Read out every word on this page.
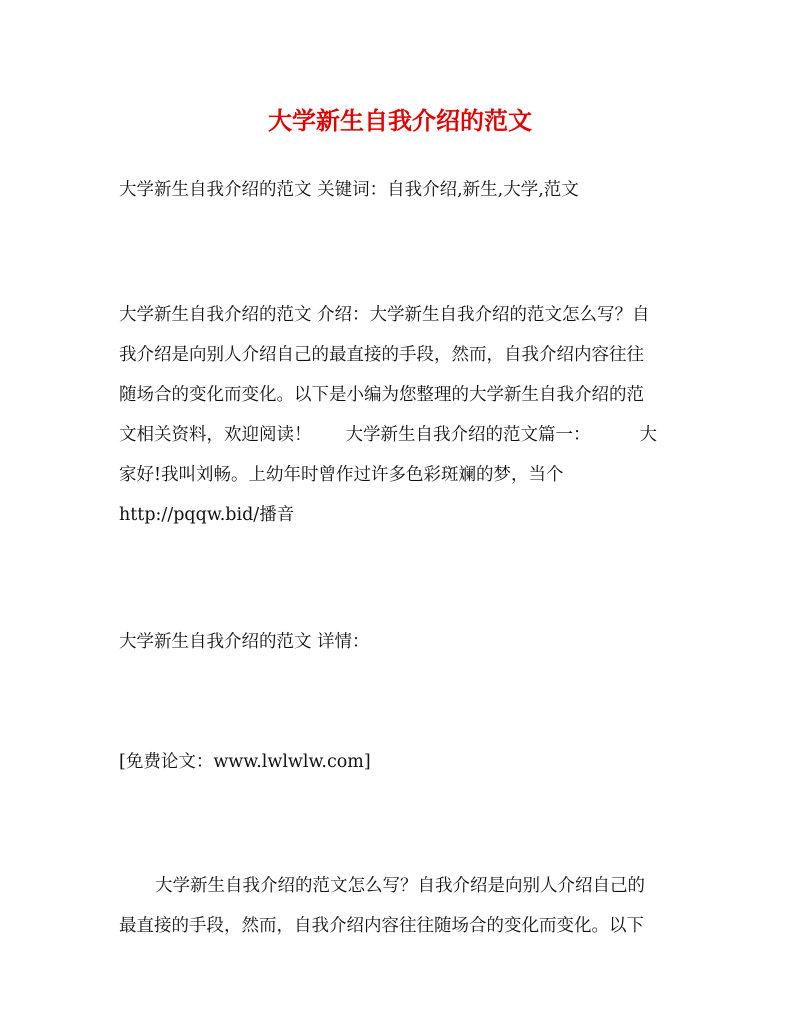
大学新生自我介绍的范文
大学新生自我介绍的范文 关键词：自我介绍,新生,大学,范文
大学新生自我介绍的范文 介绍：大学新生自我介绍的范文怎么写？自
我介绍是向别人介绍自己的最直接的手段，然而，自我介绍内容往往
随场合的变化而变化。以下是小编为您整理的大学新生自我介绍的范
文相关资料，欢迎阅读！ 大学新生自我介绍的范文篇一：	大
家好!我叫刘畅。上幼年时曾作过许多色彩斑斓的梦，当个
http://pqqw.bid/播音
大学新生自我介绍的范文 详情：
[免费论文：www.lwlwlw.com]
大学新生自我介绍的范文怎么写？自我介绍是向别人介绍自己的
最直接的手段，然而，自我介绍内容往往随场合的变化而变化。以下
